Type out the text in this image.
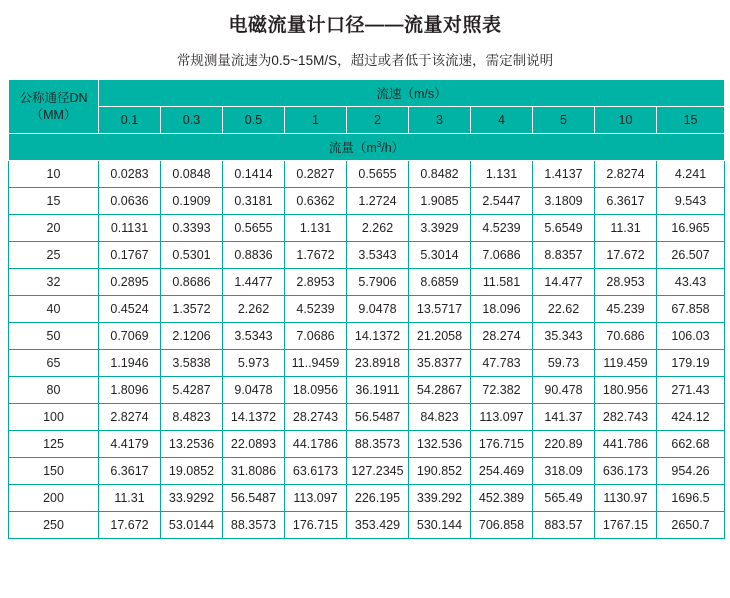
电磁流量计口径——流量对照表
常规测量流速为0.5~15M/S，超过或者低于该流速，需定制说明
公称通径DN
（MM）	流速（m/s）									
	0.1	0.3	0.5	1	2	3	4	5	10	15
流量$(m^3/h)$										
10	0.0283	0.0848	0.1414	0.2827	0.5655	0.8482	1.131	1.4137	2.8274	4.241
15	0.0636	0.1909	0.3181	0.6362	1.2724	1.9085	2.5447	3.1809	6.3617	9.543
20	0.1131	0.3393	0.5655	1.131	2.262	3.3929	4.5239	5.6549	11.31	16.965
25	0.1767	0.5301	0.8836	1.7672	3.5343	5.3014	7.0686	8.8357	17.672	26.507
32	0.2895	0.8686	1.4477	2.8953	5.7906	8.6859	11.581	14.477	28.953	43.43
40	0.4524	1.3572	2.262	4.5239	9.0478	13.5717	18.096	22.62	45.239	67.858
50	0.7069	2.1206	3.5343	7.0686	14.1372	21.2058	28.274	35.343	70.686	106.03
65	1.1946	3.5838	5.973	11..9459	23.8918	35.8377	47.783	59.73	119.459	179.19
80	1.8096	5.4287	9.0478	18.0956	36.1911	54.2867	72.382	90.478	180.956	271.43
100	2.8274	8.4823	14.1372	28.2743	56.5487	84.823	113.097	141.37	282.743	424.12
125	4.4179	13.2536	22.0893	44.1786	88.3573	132.536	176.715	220.89	441.786	662.68
150	6.3617	19.0852	31.8086	63.6173	127.2345	190.852	254.469	318.09	636.173	954.26
200	11.31	33.9292	56.5487	113.097	226.195	339.292	452.389	565.49	1130.97	1696.5
250	17.672	53.0144	88.3573	176.715	353.429	530.144	706.858	883.57	1767.15	2650.7
